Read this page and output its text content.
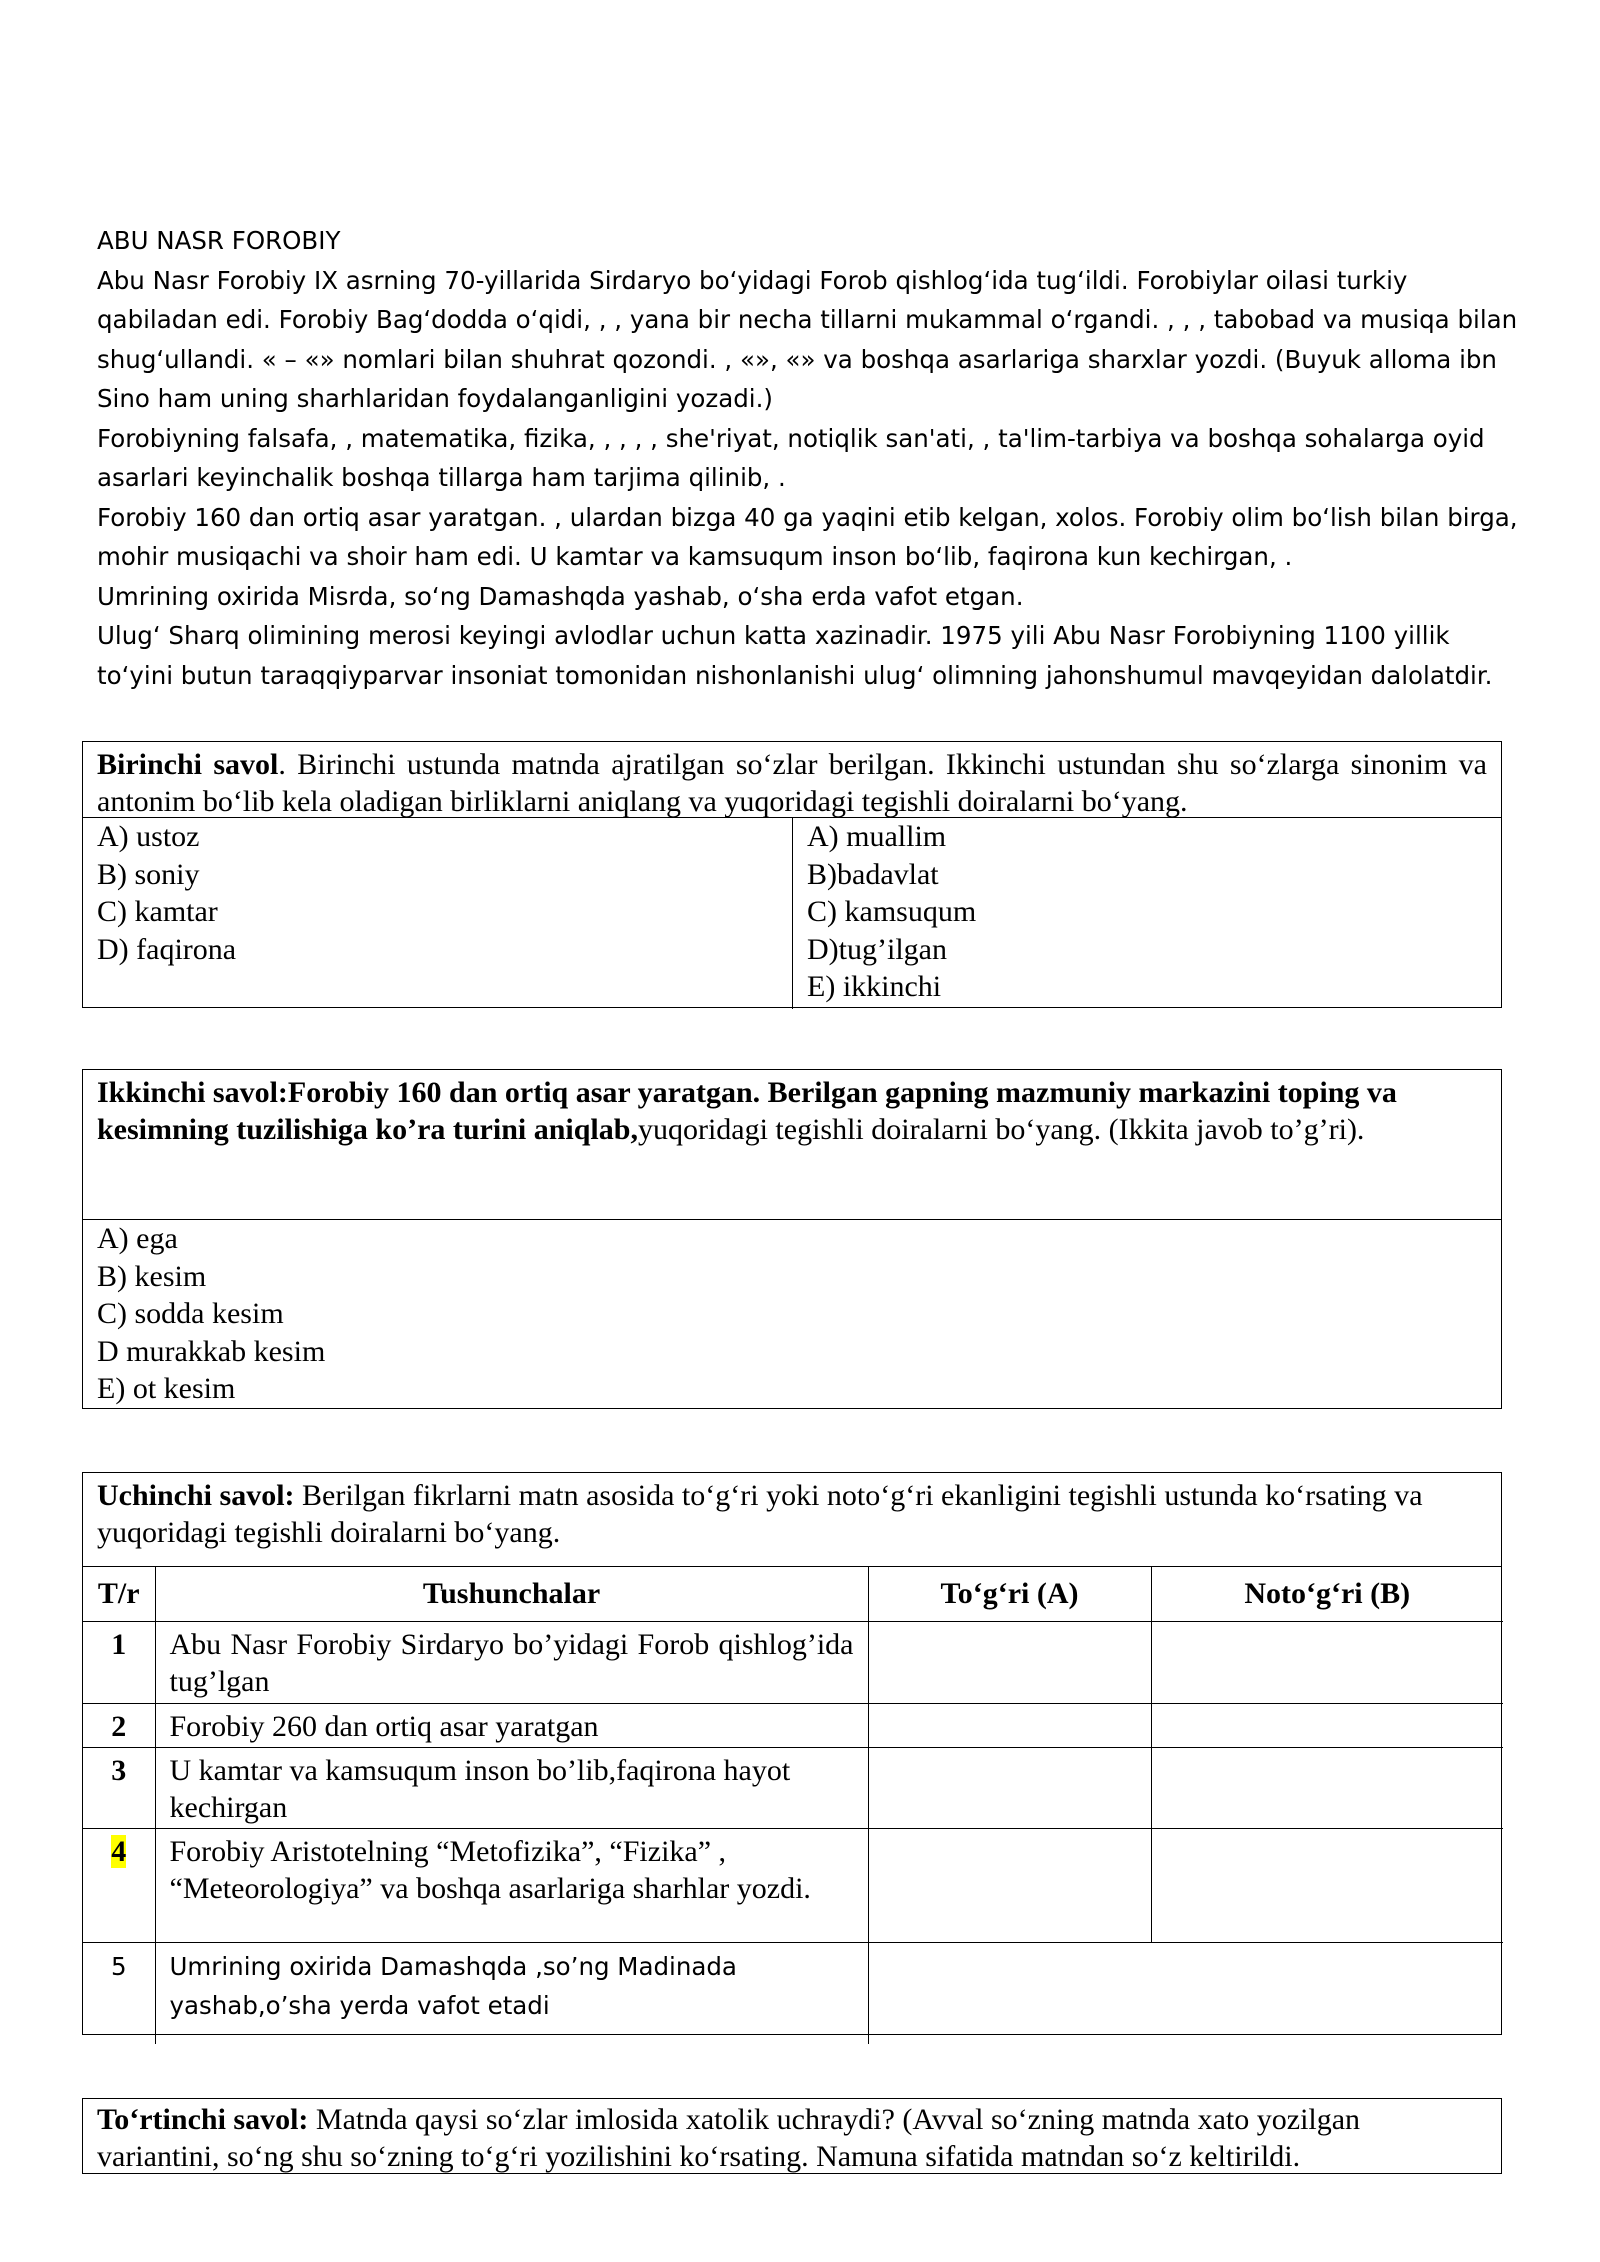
ABU NASR FOROBIY

Abu Nasr Forobiy IX asrning 70-yillarida Sirdaryo boʻyidagi Forob qishlogʻida tugʻildi. Forobiylar oilasi turkiy qabiladan edi. Forobiy Bagʻdodda oʻqidi, , , yana bir necha tillarni mukammal oʻrgandi. , , , tabobad va musiqa bilan shugʻullandi. « – «» nomlari bilan shuhrat qozondi. , «», «» va boshqa asarlariga sharxlar yozdi. (Buyuk alloma ibn Sino ham uning sharhlaridan foydalanganligini yozadi.)

Forobiyning falsafa, , matematika, fizika, , , , , she'riyat, notiqlik san'ati, , ta'lim-tarbiya va boshqa sohalarga oyid asarlari keyinchalik boshqa tillarga ham tarjima qilinib, .

Forobiy 160 dan ortiq asar yaratgan. , ulardan bizga 40 ga yaqini etib kelgan, xolos. Forobiy olim boʻlish bilan birga, mohir musiqachi va shoir ham edi. U kamtar va kamsuqum inson boʻlib, faqirona kun kechirgan, .

Umrining oxirida Misrda, soʻng Damashqda yashab, oʻsha erda vafot etgan.

Ulugʻ Sharq olimining merosi keyingi avlodlar uchun katta xazinadir. 1975 yili Abu Nasr Forobiyning 1100 yillik toʻyini butun taraqqiyparvar insoniat tomonidan nishonlanishi ulugʻ olimning jahonshumul mavqeyidan dalolatdir.

Birinchi savol. Birinchi ustunda matnda ajratilgan soʻzlar berilgan. Ikkinchi ustundan shu soʻzlarga sinonim va antonim boʻlib kela oladigan birliklarni aniqlang va yuqoridagi tegishli doiralarni boʻyang.
A) ustoz
B) soniy
C) kamtar
D) faqirona
A) muallim
B)badavlat
C) kamsuqum
D)tug’ilgan
E) ikkinchi
Ikkinchi savol:Forobiy 160 dan ortiq asar yaratgan. Berilgan gapning mazmuniy markazini toping va kesimning tuzilishiga ko’ra turini aniqlab,yuqoridagi tegishli doiralarni boʻyang. (Ikkita javob to’g’ri).
A) ega
B) kesim
C) sodda kesim
D murakkab kesim
E) ot kesim
Uchinchi savol: Berilgan fikrlarni matn asosida toʻgʻri yoki notoʻgʻri ekanligini tegishli ustunda koʻrsating va yuqoridagi tegishli doiralarni boʻyang.
T/r	Tushunchalar	Toʻgʻri (A)	Notoʻgʻri (B)
1	Abu Nasr Forobiy Sirdaryo bo’yidagi Forob qishlog’ida tug’lgan		
2	Forobiy 260 dan ortiq asar yaratgan		
3	U kamtar va kamsuqum inson bo’lib,faqirona hayot kechirgan		
4	Forobiy Aristotelning “Metofizika”, “Fizika” , “Meteorologiya” va boshqa asarlariga sharhlar yozdi.		
5	Umrining oxirida Damashqda ,so’ng Madinada yashab,o’sha yerda vafot etadi		
Toʻrtinchi savol: Matnda qaysi soʻzlar imlosida xatolik uchraydi? (Avval soʻzning matnda xato yozilgan variantini, soʻng shu soʻzning toʻgʻri yozilishini koʻrsating. Namuna sifatida matndan soʻz keltirildi.
